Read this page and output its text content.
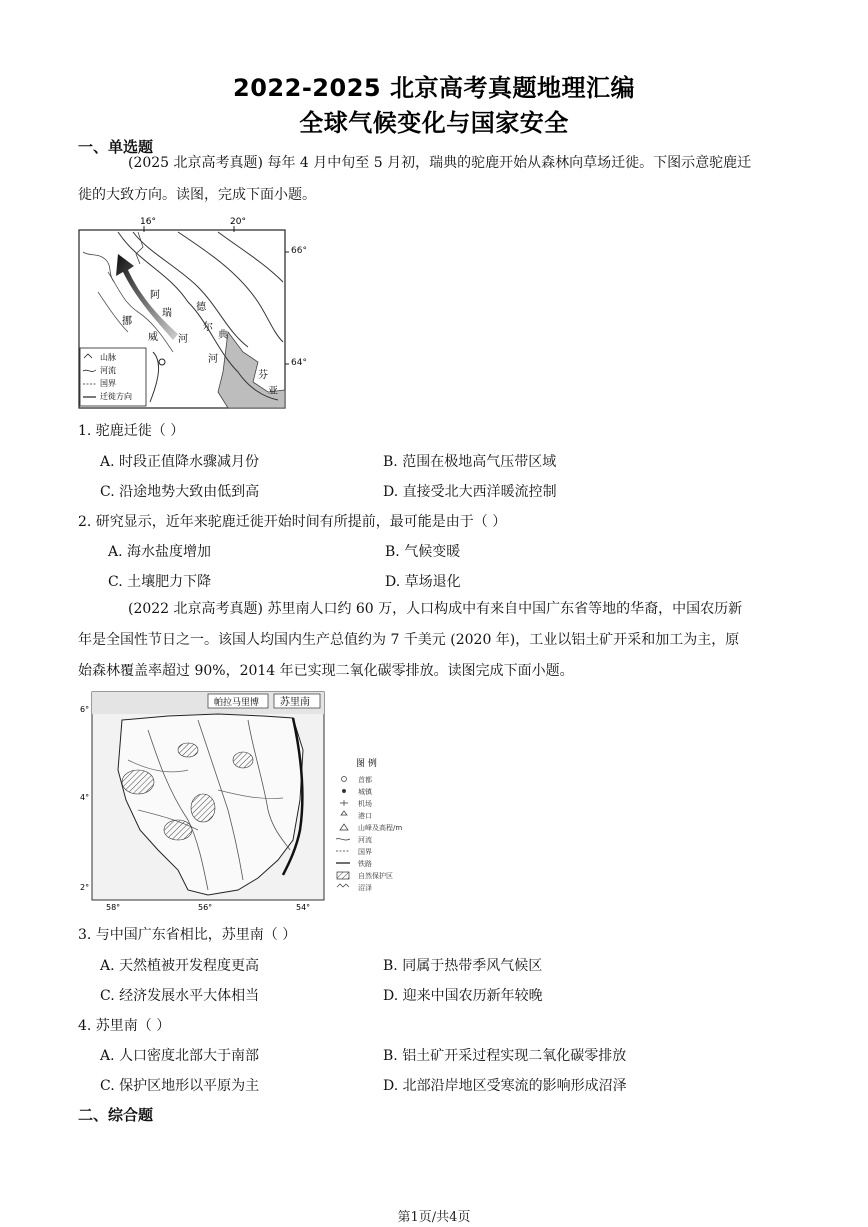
2022-2025 北京高考真题地理汇编
全球气候变化与国家安全
一、单选题
(2025 北京高考真题) 每年 4 月中旬至 5 月初，瑞典的驼鹿开始从森林向草场迁徙。下图示意驼鹿迁
徙的大致方向。读图，完成下面小题。
16°	20°
阿
德
瑞
尔
典
河
挪
威
河
芬
亚
山脉
河流
国界
迁徙方向
66°
64°
1. 驼鹿迁徙（ ）
A. 时段正值降水骤减月份	B. 范围在极地高气压带区域
C. 沿途地势大致由低到高	D. 直接受北大西洋暖流控制
2. 研究显示，近年来驼鹿迁徙开始时间有所提前，最可能是由于（ ）
A. 海水盐度增加	B. 气候变暖
C. 土壤肥力下降	D. 草场退化
(2022 北京高考真题) 苏里南人口约 60 万，人口构成中有来自中国广东省等地的华裔，中国农历新
年是全国性节日之一。该国人均国内生产总值约为 7 千美元 (2020 年)，工业以铝土矿开采和加工为主，原
始森林覆盖率超过 90%，2014 年已实现二氧化碳零排放。读图完成下面小题。
帕拉马里博 苏里南
6°
4°
2°
58°	56°	54°
图 例
首都
城镇
机场
港口
山峰及高程/m
河流
国界
铁路
自然保护区
沼泽
3. 与中国广东省相比，苏里南（ ）
A. 天然植被开发程度更高	B. 同属于热带季风气候区
C. 经济发展水平大体相当	D. 迎来中国农历新年较晚
4. 苏里南（ ）
A. 人口密度北部大于南部	B. 铝土矿开采过程实现二氧化碳零排放
C. 保护区地形以平原为主	D. 北部沿岸地区受寒流的影响形成沼泽
二、综合题
第1页/共4页
